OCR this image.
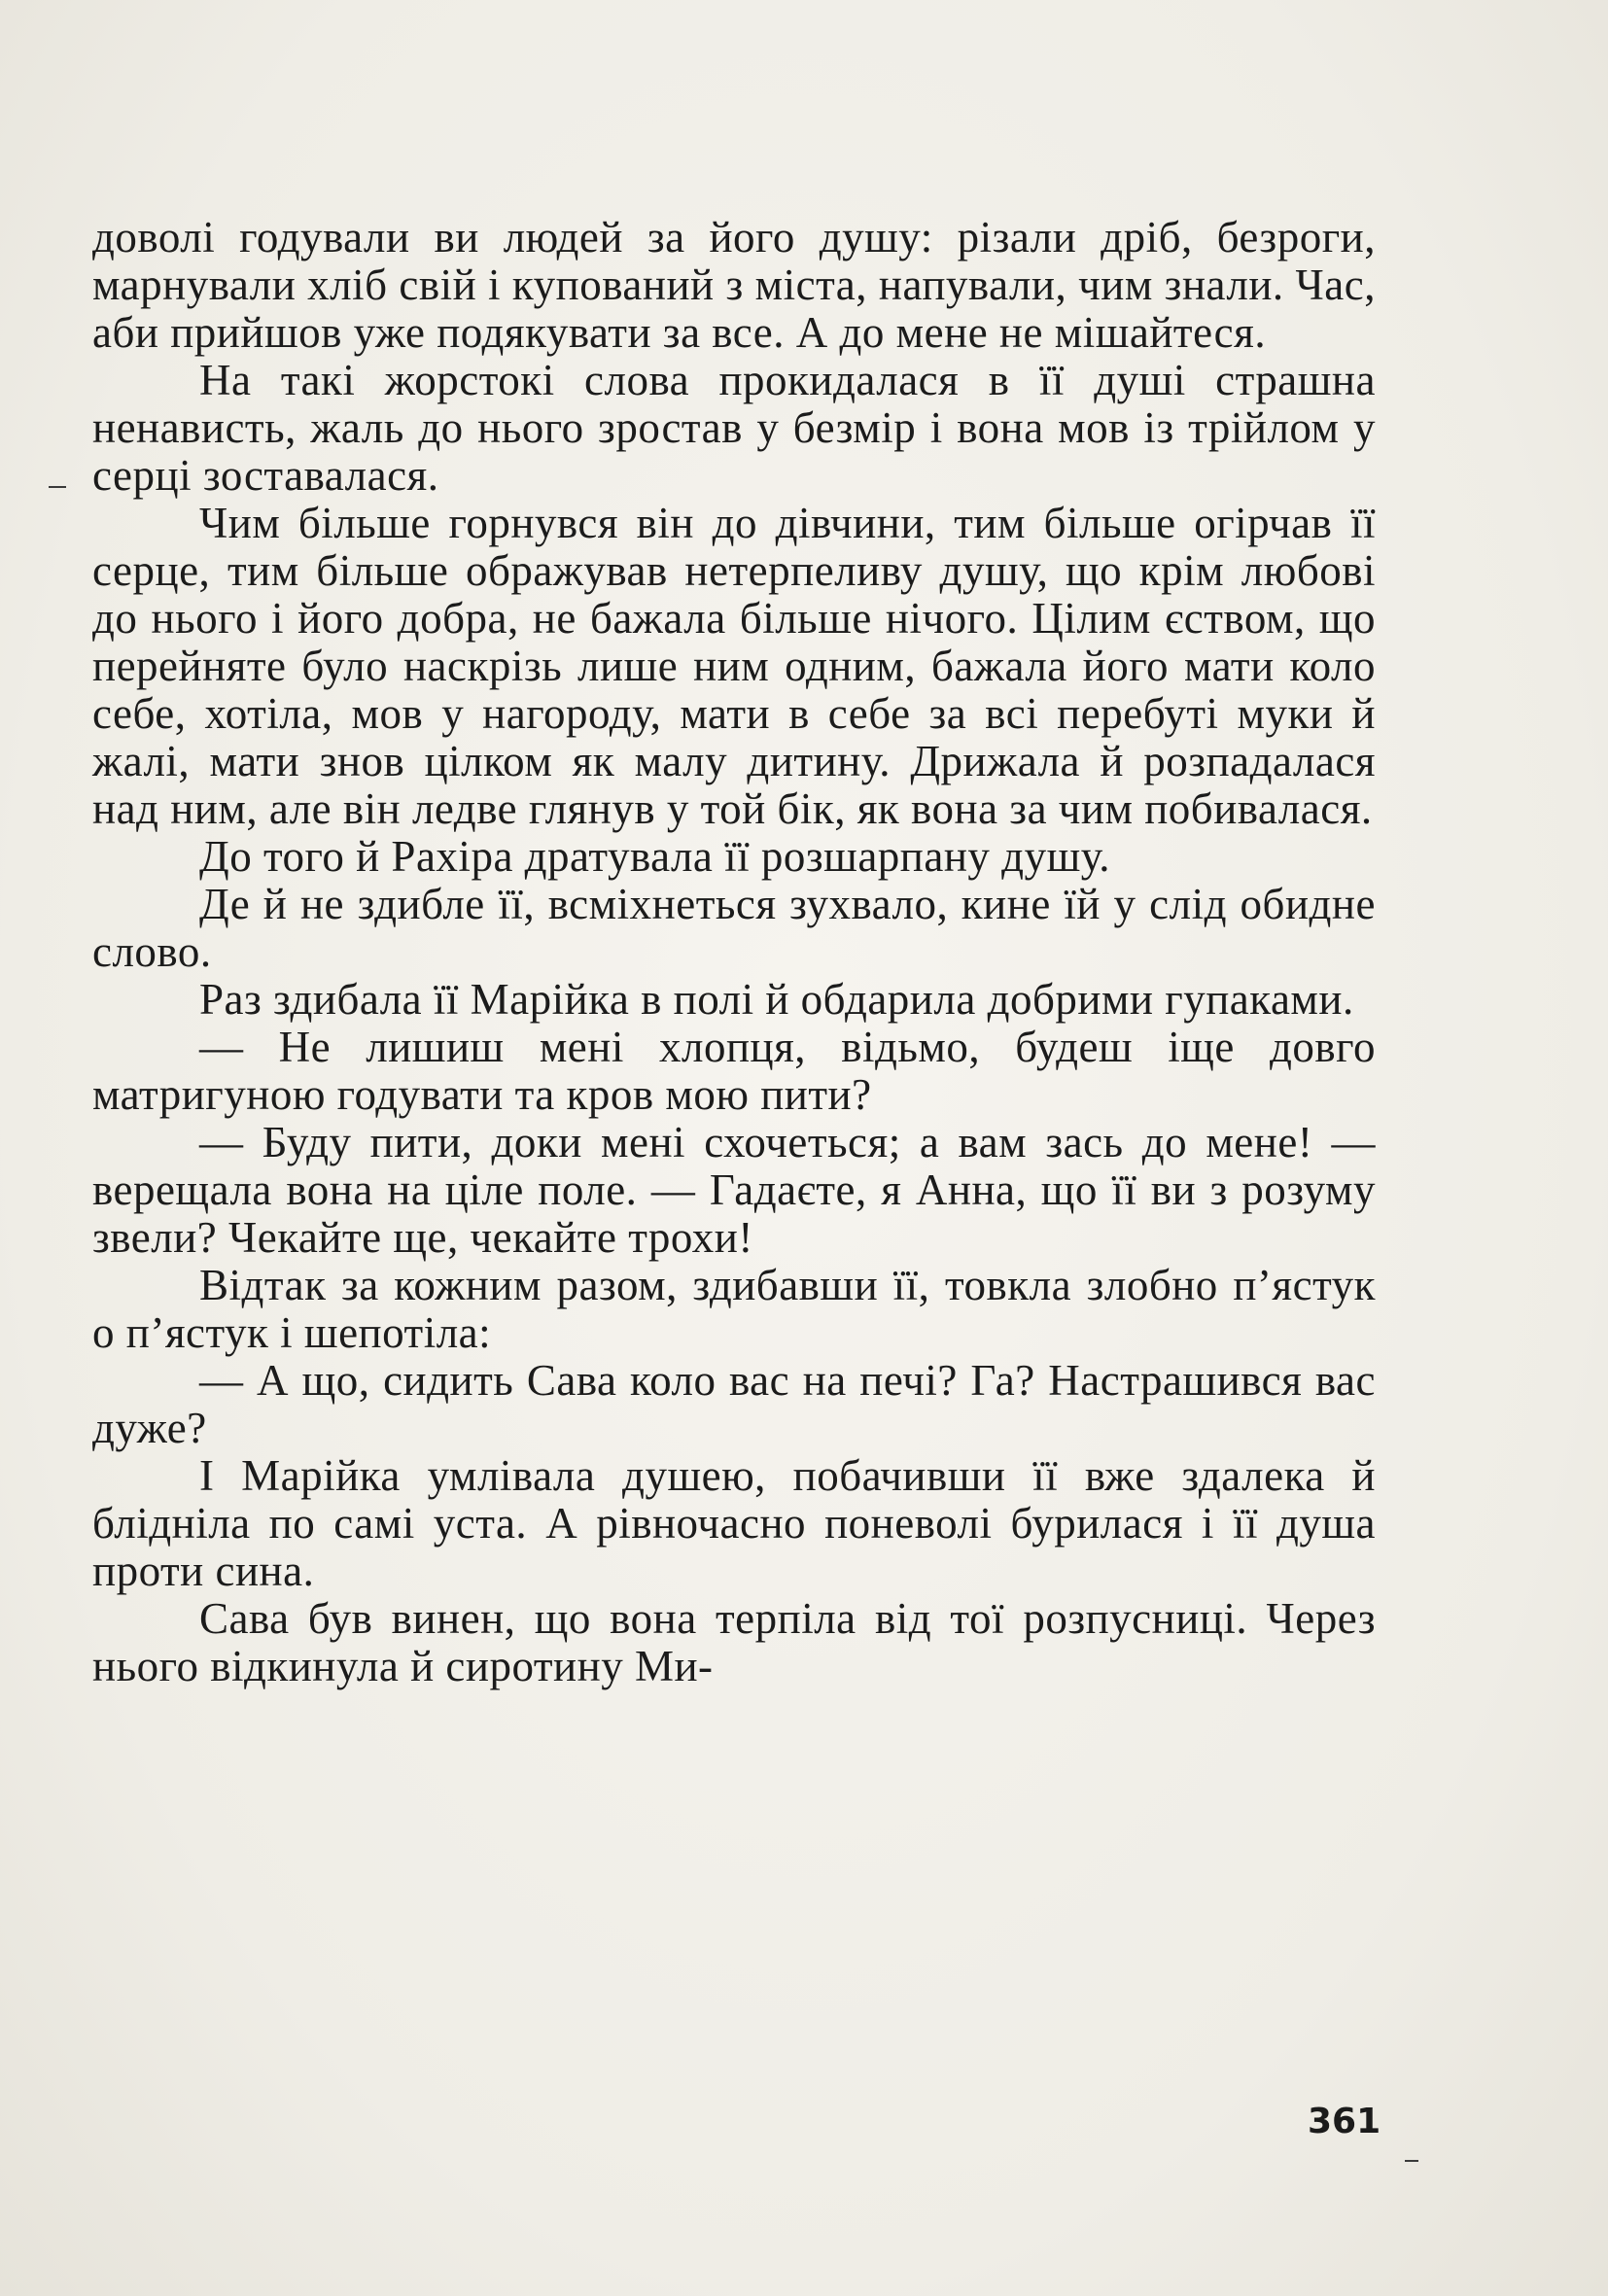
доволі годували ви людей за його душу: різали дріб, безроги, марнували хліб свій і купований з міста, напували, чим знали. Час, аби прийшов уже подякувати за все. А до мене не мішайтеся.

На такі жорстокі слова прокидалася в її душі страшна ненависть, жаль до нього зростав у безмір і вона мов із трійлом у серці зоставалася.

Чим більше горнувся він до дівчини, тим більше огірчав її серце, тим більше ображував нетерпеливу душу, що крім любові до нього і його добра, не бажала більше нічого. Цілим єством, що перейняте було наскрізь лише ним одним, бажала його мати коло себе, хотіла, мов у нагороду, мати в себе за всі перебуті муки й жалі, мати знов цілком як малу дитину. Дрижала й розпадалася над ним, але він ледве глянув у той бік, як вона за чим побивалася.

До того й Рахіра дратувала її розшарпану душу.

Де й не здибле її, всміхнеться зухвало, кине їй у слід обидне слово.

Раз здибала її Марійка в полі й обдарила добрими гупаками.

— Не лишиш мені хлопця, відьмо, будеш іще довго матригуною годувати та кров мою пити?

— Буду пити, доки мені схочеться; а вам зась до мене! — верещала вона на ціле поле. — Гадаєте, я Анна, що її ви з розуму звели? Чекайте ще, чекайте трохи!

Відтак за кожним разом, здибавши її, товкла злобно п’ястук о п’ястук і шепотіла:

— А що, сидить Сава коло вас на печі? Га? Настрашився вас дуже?

І Марійка умлівала душею, побачивши її вже здалека й блідніла по самі уста. А рівночасно поневолі бурилася і її душа проти сина.

Сава був винен, що вона терпіла від тої розпусниці. Через нього відкинула й сиротину Ми-

361
